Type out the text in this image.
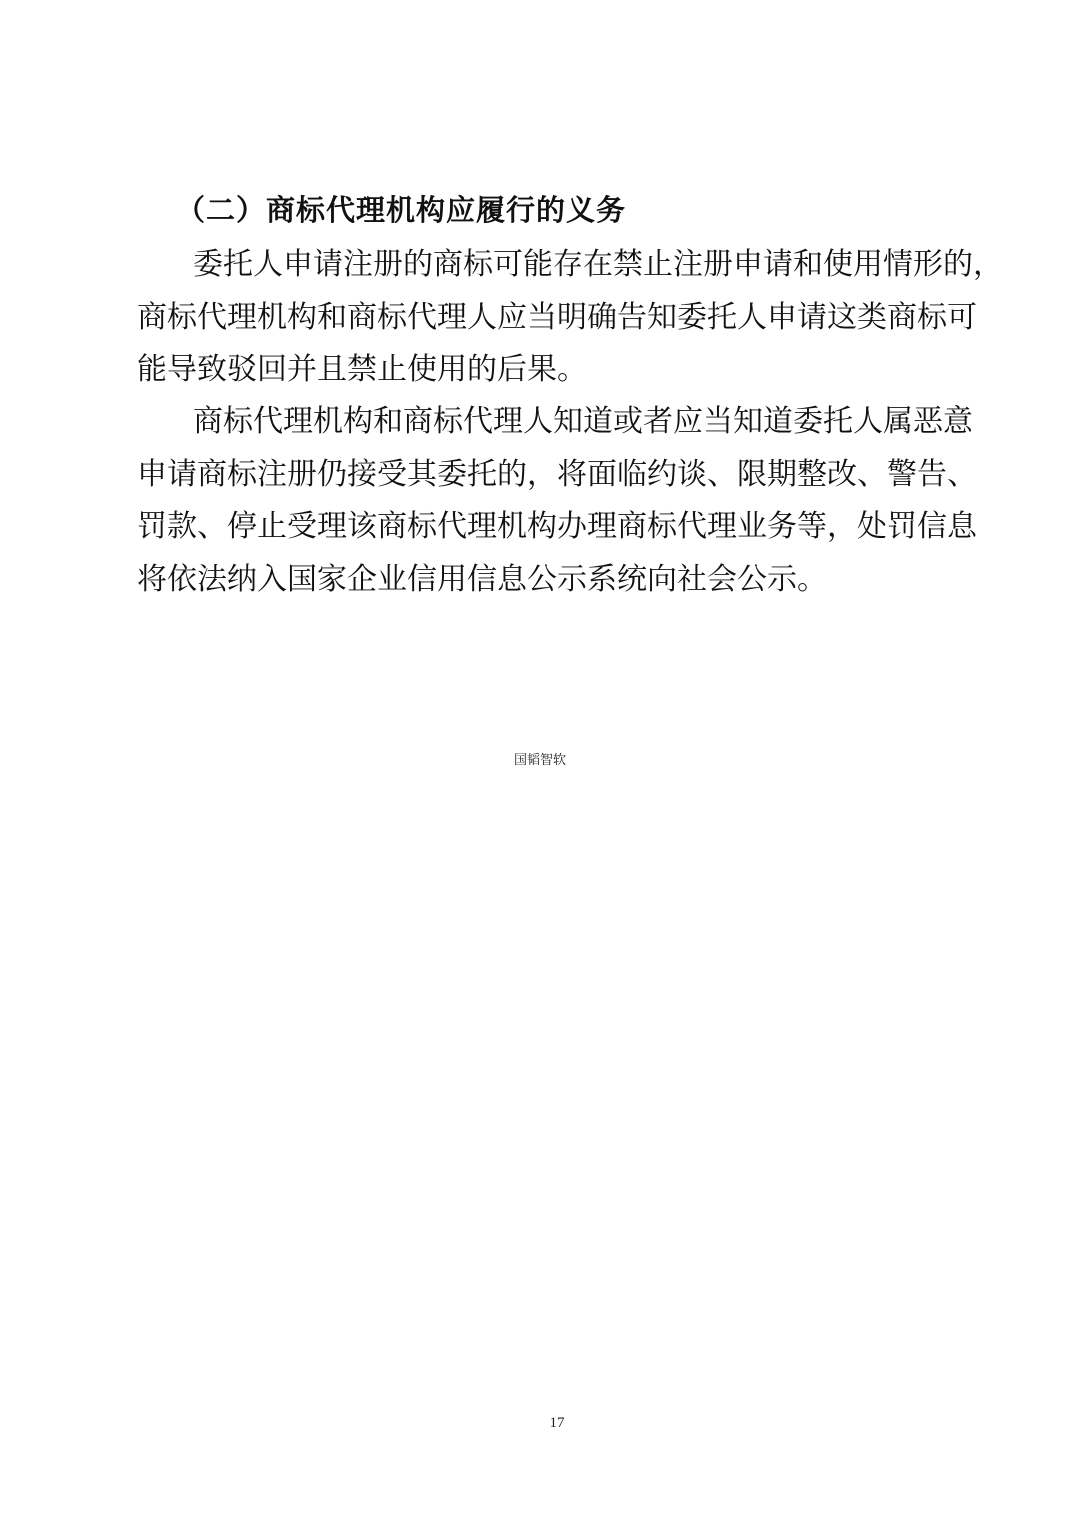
（二）商标代理机构应履行的义务
委托人申请注册的商标可能存在禁止注册申请和使用情形的，
商标代理机构和商标代理人应当明确告知委托人申请这类商标可
能导致驳回并且禁止使用的后果。
商标代理机构和商标代理人知道或者应当知道委托人属恶意
申请商标注册仍接受其委托的，将面临约谈、限期整改、警告、
罚款、停止受理该商标代理机构办理商标代理业务等，处罚信息
将依法纳入国家企业信用信息公示系统向社会公示。
国韬智软
17
